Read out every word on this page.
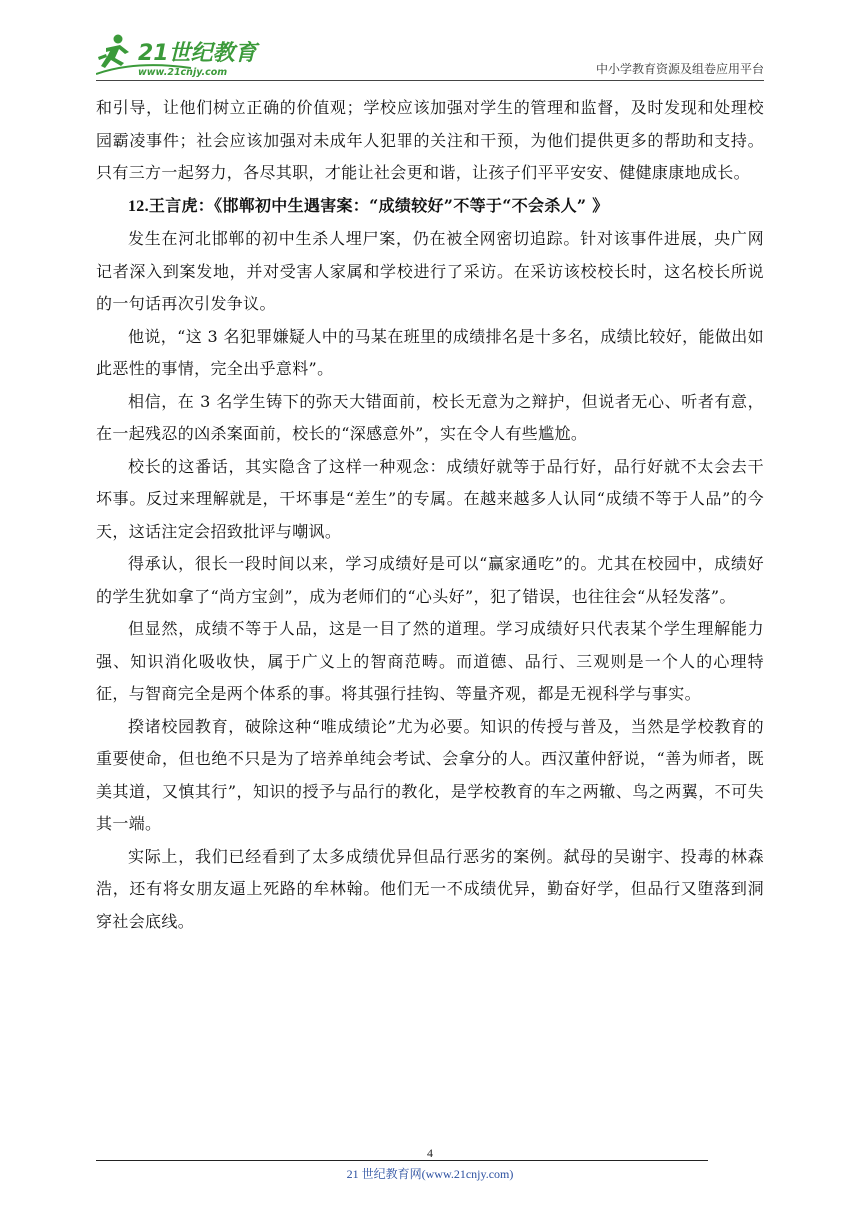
21世纪教育
www.21cnjy.com	中小学教育资源及组卷应用平台

和引导，让他们树立正确的价值观；学校应该加强对学生的管理和监督，及时发现和处理校园霸凌事件；社会应该加强对未成年人犯罪的关注和干预，为他们提供更多的帮助和支持。只有三方一起努力，各尽其职，才能让社会更和谐，让孩子们平平安安、健健康康地成长。

12.王言虎：《邯郸初中生遇害案：“成绩较好”不等于“不会杀人” 》

发生在河北邯郸的初中生杀人埋尸案，仍在被全网密切追踪。针对该事件进展，央广网记者深入到案发地，并对受害人家属和学校进行了采访。在采访该校校长时，这名校长所说的一句话再次引发争议。

他说，“这 3 名犯罪嫌疑人中的马某在班里的成绩排名是十多名，成绩比较好，能做出如此恶性的事情，完全出乎意料”。

相信，在 3 名学生铸下的弥天大错面前，校长无意为之辩护，但说者无心、听者有意，在一起残忍的凶杀案面前，校长的“深感意外”，实在令人有些尴尬。

校长的这番话，其实隐含了这样一种观念：成绩好就等于品行好，品行好就不太会去干坏事。反过来理解就是，干坏事是“差生”的专属。在越来越多人认同“成绩不等于人品”的今天，这话注定会招致批评与嘲讽。

得承认，很长一段时间以来，学习成绩好是可以“赢家通吃”的。尤其在校园中，成绩好的学生犹如拿了“尚方宝剑”，成为老师们的“心头好”，犯了错误，也往往会“从轻发落”。

但显然，成绩不等于人品，这是一目了然的道理。学习成绩好只代表某个学生理解能力强、知识消化吸收快，属于广义上的智商范畴。而道德、品行、三观则是一个人的心理特征，与智商完全是两个体系的事。将其强行挂钩、等量齐观，都是无视科学与事实。

揆诸校园教育，破除这种“唯成绩论”尤为必要。知识的传授与普及，当然是学校教育的重要使命，但也绝不只是为了培养单纯会考试、会拿分的人。西汉董仲舒说，“善为师者，既美其道，又慎其行”，知识的授予与品行的教化，是学校教育的车之两辙、鸟之两翼，不可失其一端。

实际上，我们已经看到了太多成绩优异但品行恶劣的案例。弑母的吴谢宇、投毒的林森浩，还有将女朋友逼上死路的牟林翰。他们无一不成绩优异，勤奋好学，但品行又堕落到洞穿社会底线。

4
21 世纪教育网(www.21cnjy.com)
